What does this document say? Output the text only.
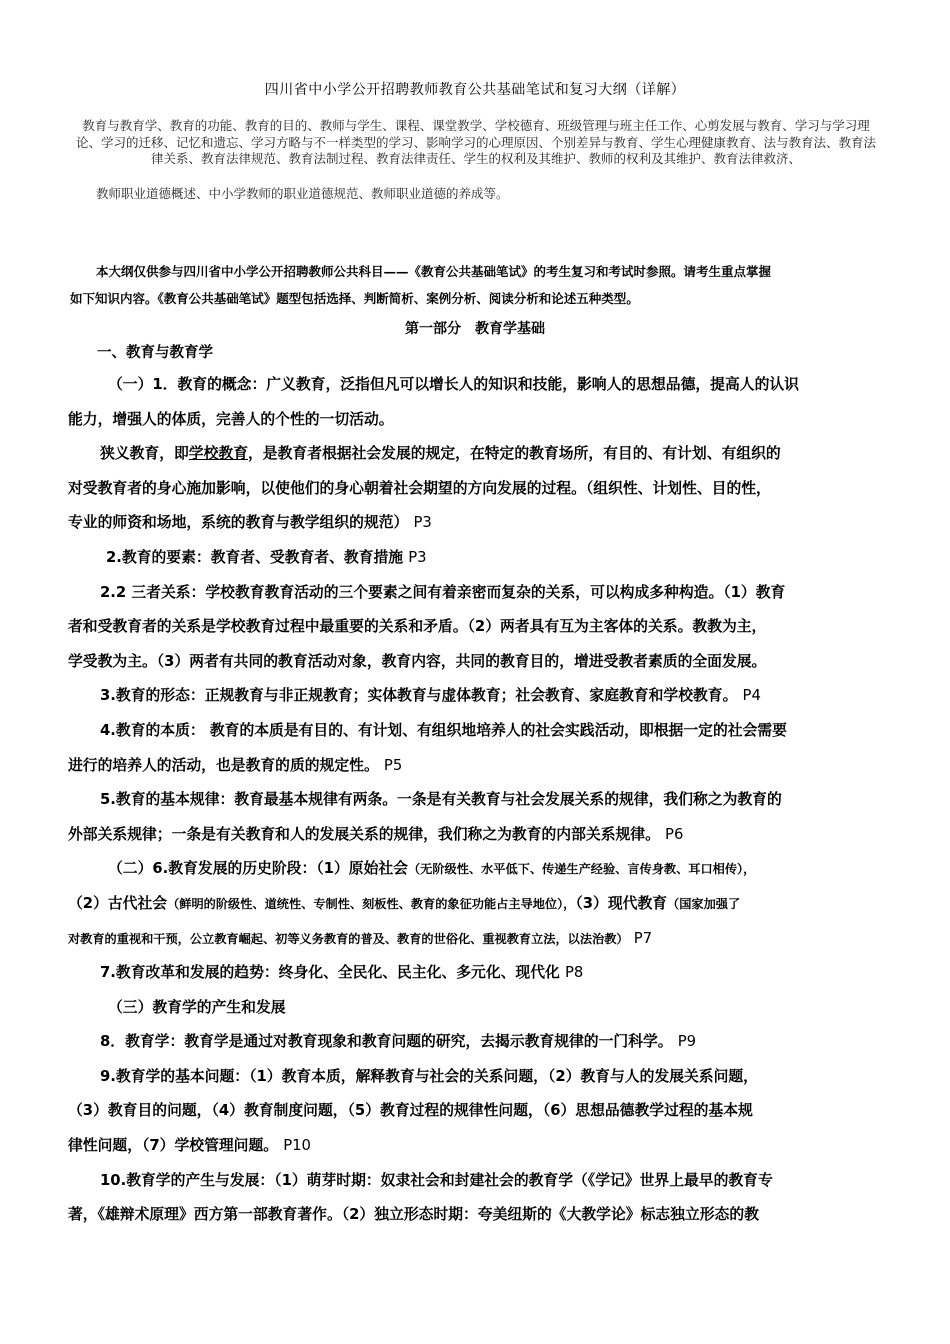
四川省中小学公开招聘教师教育公共基础笔试和复习大纲（详解）
教育与教育学、教育的功能、教育的目的、教师与学生、课程、课堂教学、学校德育、班级管理与班主任工作、心剪发展与教育、学习与学习理论、学习的迁移、记忆和遗忘、学习方略与不一样类型的学习、影响学习的心理原因、个别差异与教育、学生心理健康教育、法与教育法、教育法律关系、教育法律规范、教育法制过程、教育法律责任、学生的权利及其维护、教师的权利及其维护、教育法律救济、
教师职业道德概述、中小学教师的职业道德规范、教师职业道德的养成等。
本大纲仅供参与四川省中小学公开招聘教师公共科目——《教育公共基础笔试》的考生复习和考试时参照。请考生重点掌握
如下知识内容。《教育公共基础笔试》题型包括选择、判断简析、案例分析、阅读分析和论述五种类型。
第一部分　教育学基础
一、教育与教育学
（一）1．教育的概念：广义教育，泛指但凡可以增长人的知识和技能，影响人的思想品德，提高人的认识
能力，增强人的体质，完善人的个性的一切活动。
狭义教育，即学校教育，是教育者根据社会发展的规定，在特定的教育场所，有目的、有计划、有组织的
对受教育者的身心施加影响，以使他们的身心朝着社会期望的方向发展的过程。（组织性、计划性、目的性，
专业的师资和场地，系统的教育与教学组织的规范） P3
2.教育的要素：教育者、受教育者、教育措施 P3
2.2 三者关系：学校教育教育活动的三个要素之间有着亲密而复杂的关系，可以构成多种构造。（1）教育
者和受教育者的关系是学校教育过程中最重要的关系和矛盾。（2）两者具有互为主客体的关系。教教为主，
学受教为主。（3）两者有共同的教育活动对象，教育内容，共同的教育目的，增进受教者素质的全面发展。
3.教育的形态：正规教育与非正规教育；实体教育与虚体教育；社会教育、家庭教育和学校教育。 P4
4.教育的本质： 教育的本质是有目的、有计划、有组织地培养人的社会实践活动，即根据一定的社会需要
进行的培养人的活动，也是教育的质的规定性。 P5
5.教育的基本规律：教育最基本规律有两条。一条是有关教育与社会发展关系的规律，我们称之为教育的
外部关系规律；一条是有关教育和人的发展关系的规律，我们称之为教育的内部关系规律。 P6
（二）6.教育发展的历史阶段：（1）原始社会（无阶级性、水平低下、传递生产经验、言传身教、耳口相传），
（2）古代社会（鲜明的阶级性、道统性、专制性、刻板性、教育的象征功能占主导地位），（3）现代教育（国家加强了
对教育的重视和干预，公立教育崛起、初等义务教育的普及、教育的世俗化、重视教育立法，以法治教） P7
7.教育改革和发展的趋势：终身化、全民化、民主化、多元化、现代化 P8
（三）教育学的产生和发展
8．教育学：教育学是通过对教育现象和教育问题的研究，去揭示教育规律的一门科学。 P9
9.教育学的基本问题：（1）教育本质，解释教育与社会的关系问题，（2）教育与人的发展关系问题，
（3）教育目的问题，（4）教育制度问题，（5）教育过程的规律性问题，（6）思想品德教学过程的基本规
律性问题，（7）学校管理问题。 P10
10.教育学的产生与发展：（1）萌芽时期：奴隶社会和封建社会的教育学（《学记》世界上最早的教育专
著，《雄辩术原理》西方第一部教育著作。（2）独立形态时期：夸美纽斯的《大教学论》标志独立形态的教
